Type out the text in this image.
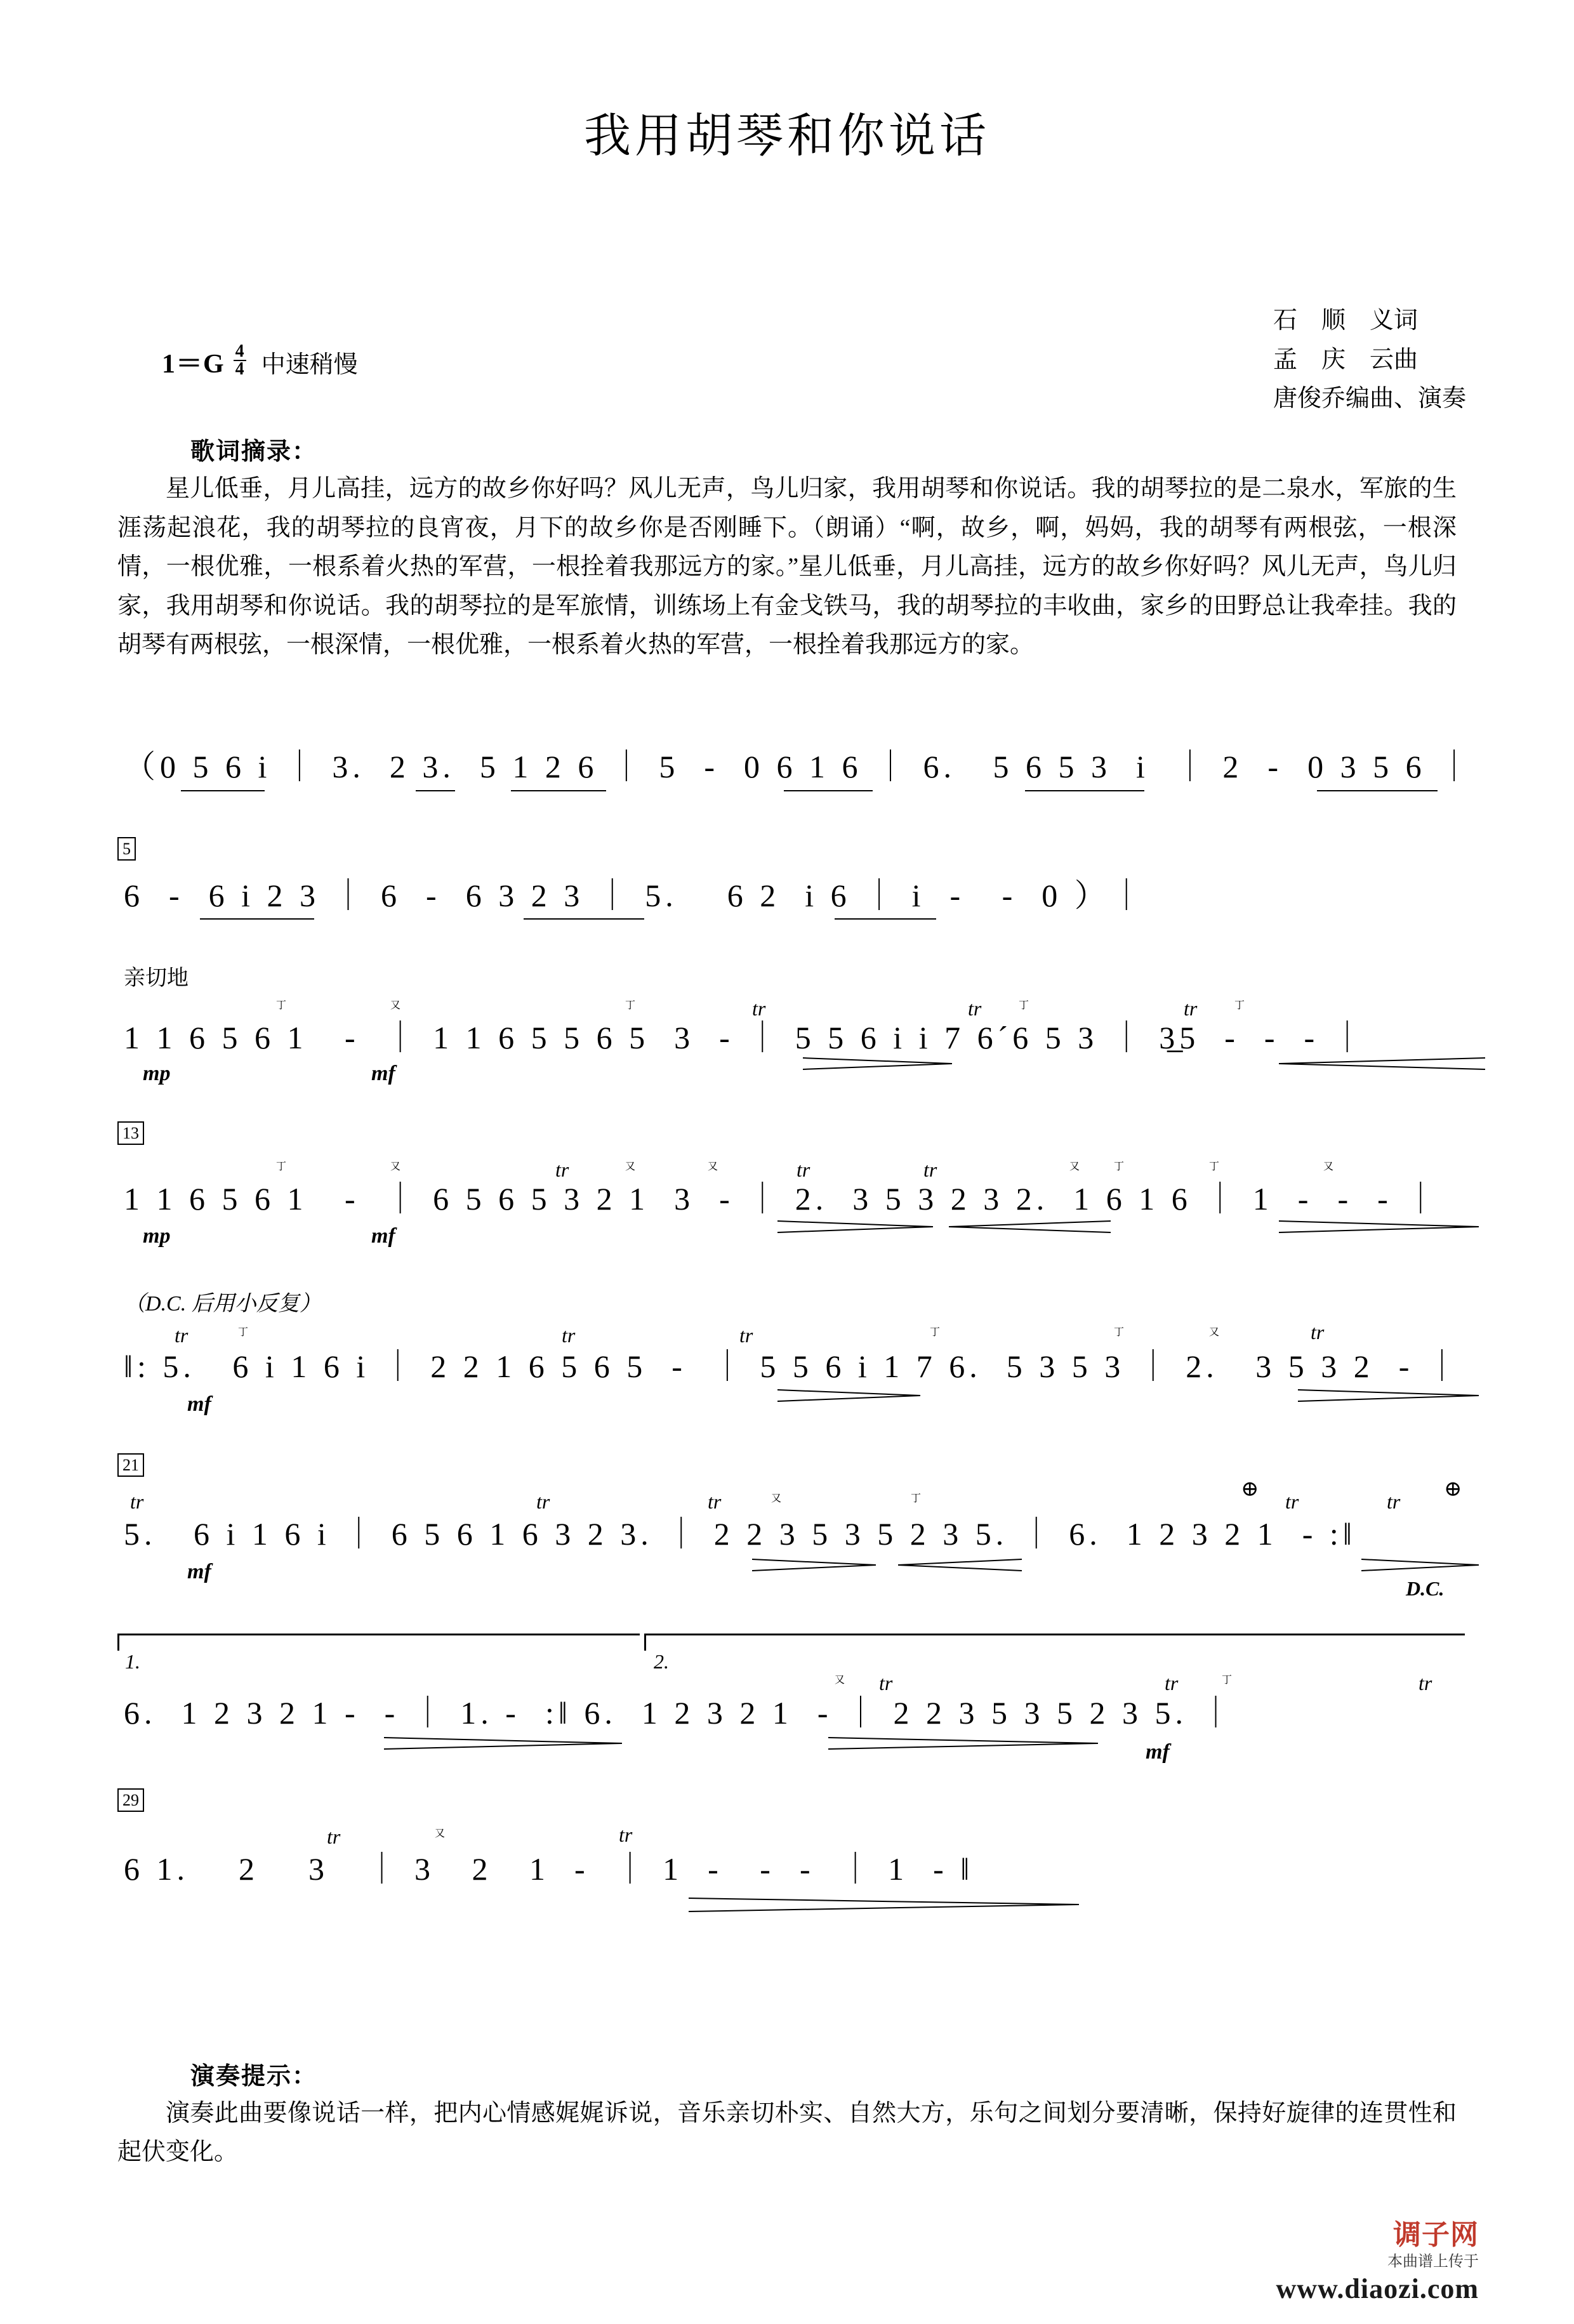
我用胡琴和你说话
石　顺　义词
孟　庆　云曲
唐俊乔编曲、演奏
$1=G \frac{4}{4}$ 中速稍慢
歌词摘录：
星儿低垂，月儿高挂，远方的故乡你好吗？风儿无声，鸟儿归家，我用胡琴和你说话。我的胡琴拉的是二泉水，军旅的生涯荡起浪花，我的胡琴拉的良宵夜，月下的故乡你是否刚睡下。（朗诵）“啊，故乡，啊，妈妈，我的胡琴有两根弦，一根深情，一根优雅，一根系着火热的军营，一根拴着我那远方的家。”星儿低垂，月儿高挂，远方的故乡你好吗？风儿无声，鸟儿归家，我用胡琴和你说话。我的胡琴拉的是军旅情，训练场上有金戈铁马，我的胡琴拉的丰收曲，家乡的田野总让我牵挂。我的胡琴有两根弦，一根深情，一根优雅，一根系着火热的军营，一根拴着我那远方的家。
（0 5 6 i ｜ 3.  2 3.  5 1 2 6 ｜ 5  -  0 6 1 6 ｜ 6.   5 6 5 3  i  ｜ 2  -  0 3 5 6 ｜
5
6  -  6 i 2 3 ｜ 6  -  6 3 2 3 ｜ 5.    6 2  i 6 ｜ i  -   -  0 ）｜
亲切地
丁	又	丁	tr	tr	丁	tr	丁
1 1 6 5 6 1   -  ｜ 1 1 6 5 5 6 5  3  - ｜ 5 5 6 i i 7 6ˊ6 5 3 ｜ 3̲5  -  -  - ｜
mp	mf
13
丁	又	tr	又	又	tr	tr	又	丁	丁	又
1 1 6 5 6 1   -  ｜ 6 5 6 5 3 2 1  3  - ｜ 2.  3 5 3 2 3 2.  1 6 1 6 ｜ 1  -  -  - ｜
mp	mf
（D.C. 后用小反复）
tr	丁	tr	tr	丁	丁	又	tr
‖: 5.   6 i 1 6 i ｜ 2 2 1 6 5 6 5  -  ｜ 5 5 6 i 1 7 6.  5 3 5 3 ｜ 2.   3 5 3 2  - ｜
mf
21
tr	tr	tr	又	丁	⊕
tr	tr
⊕
5.   6 i 1 6 i ｜ 6 5 6 1 6 3 2 3. ｜ 2 2 3 5 3 5 2 3 5. ｜ 6.  1 2 3 2 1  - :‖
mf
D.C.
1.	2.
又 tr	tr	丁	tr
6.  1 2 3 2 1 -  - ｜ 1. -  :‖ 6.  1 2 3 2 1  - ｜ 2 2 3 5 3 5 2 3 5. ｜
mf
29
tr	又	tr
6 1.    2    3   ｜ 3   2   1  -  ｜ 1  -   -  -  ｜ 1  - ‖
演奏提示：
演奏此曲要像说话一样，把内心情感娓娓诉说，音乐亲切朴实、自然大方，乐句之间划分要清晰，保持好旋律的连贯性和起伏变化。
调子网
本曲谱上传于
www.diaozi.com
